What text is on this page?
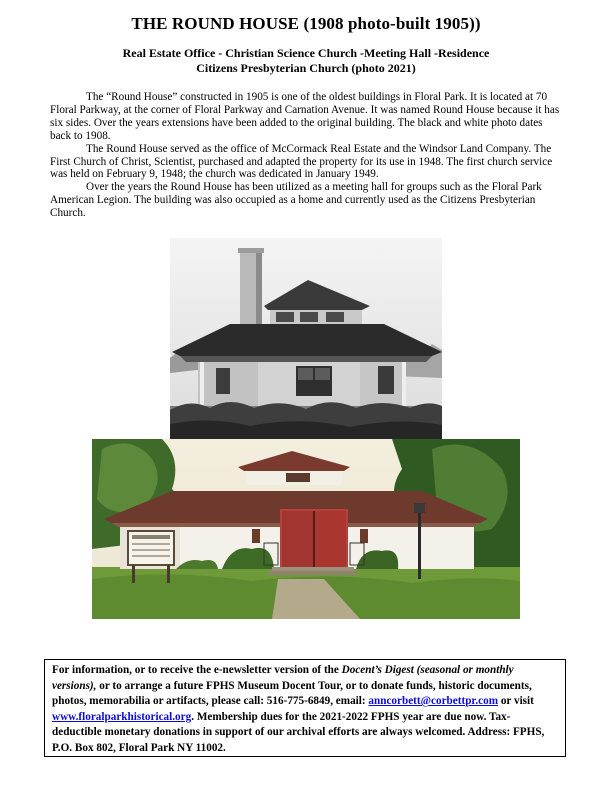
THE ROUND HOUSE (1908 photo-built 1905))
Real Estate Office - Christian Science Church -Meeting Hall -Residence
Citizens Presbyterian Church (photo 2021)

The “Round House” constructed in 1905 is one of the oldest buildings in Floral Park. It is located at 70 Floral Parkway, at the corner of Floral Parkway and Carnation Avenue. It was named Round House because it has six sides. Over the years extensions have been added to the original building. The black and white photo dates back to 1908.

The Round House served as the office of McCormack Real Estate and the Windsor Land Company. The First Church of Christ, Scientist, purchased and adapted the property for its use in 1948. The first church service was held on February 9, 1948; the church was dedicated in January 1949.

Over the years the Round House has been utilized as a meeting hall for groups such as the Floral Park American Legion. The building was also occupied as a home and currently used as the Citizens Presbyterian Church.

For information, or to receive the e-newsletter version of the Docent’s Digest (seasonal or monthly versions), or to arrange a future FPHS Museum Docent Tour, or to donate funds, historic documents, photos, memorabilia or artifacts, please call: 516-775-6849, email: anncorbett@corbettpr.com or visit www.floralparkhistorical.org. Membership dues for the 2021-2022 FPHS year are due now. Tax-deductible monetary donations in support of our archival efforts are always welcomed. Address: FPHS, P.O. Box 802, Floral Park NY 11002.
